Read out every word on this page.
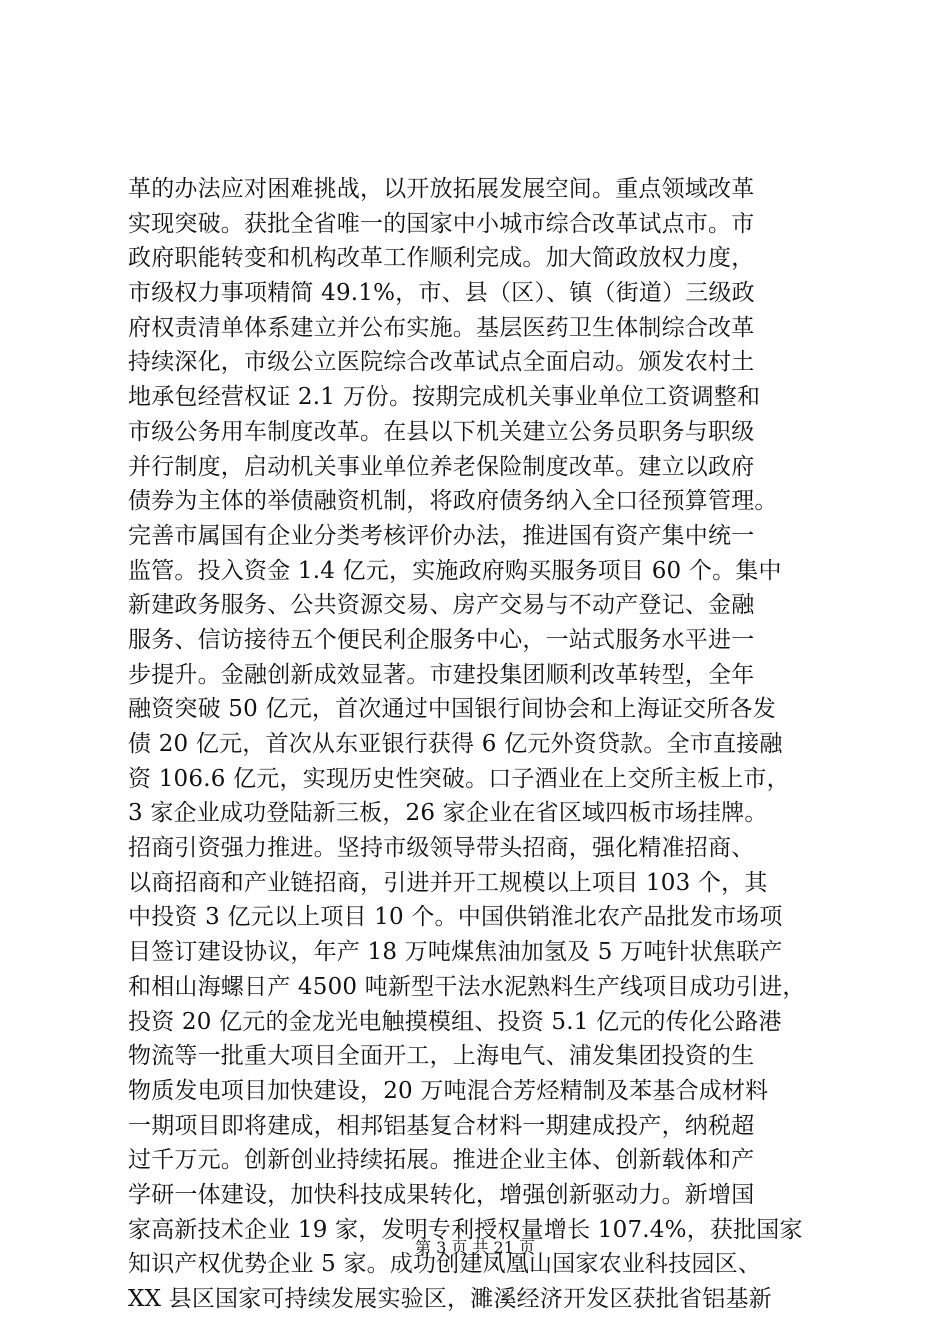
革的办法应对困难挑战，以开放拓展发展空间。重点领域改革
实现突破。获批全省唯一的国家中小城市综合改革试点市。市
政府职能转变和机构改革工作顺利完成。加大简政放权力度，
市级权力事项精简 49.1%，市、县（区）、镇（街道）三级政
府权责清单体系建立并公布实施。基层医药卫生体制综合改革
持续深化，市级公立医院综合改革试点全面启动。颁发农村土
地承包经营权证 2.1 万份。按期完成机关事业单位工资调整和
市级公务用车制度改革。在县以下机关建立公务员职务与职级
并行制度，启动机关事业单位养老保险制度改革。建立以政府
债券为主体的举债融资机制，将政府债务纳入全口径预算管理。
完善市属国有企业分类考核评价办法，推进国有资产集中统一
监管。投入资金 1.4 亿元，实施政府购买服务项目 60 个。集中
新建政务服务、公共资源交易、房产交易与不动产登记、金融
服务、信访接待五个便民利企服务中心，一站式服务水平进一
步提升。金融创新成效显著。市建投集团顺利改革转型，全年
融资突破 50 亿元，首次通过中国银行间协会和上海证交所各发
债 20 亿元，首次从东亚银行获得 6 亿元外资贷款。全市直接融
资 106.6 亿元，实现历史性突破。口子酒业在上交所主板上市，
3 家企业成功登陆新三板，26 家企业在省区域四板市场挂牌。
招商引资强力推进。坚持市级领导带头招商，强化精准招商、
以商招商和产业链招商，引进并开工规模以上项目 103 个，其
中投资 3 亿元以上项目 10 个。中国供销淮北农产品批发市场项
目签订建设协议，年产 18 万吨煤焦油加氢及 5 万吨针状焦联产
和相山海螺日产 4500 吨新型干法水泥熟料生产线项目成功引进，
投资 20 亿元的金龙光电触摸模组、投资 5.1 亿元的传化公路港
物流等一批重大项目全面开工，上海电气、浦发集团投资的生
物质发电项目加快建设，20 万吨混合芳烃精制及苯基合成材料
一期项目即将建成，相邦铝基复合材料一期建成投产，纳税超
过千万元。创新创业持续拓展。推进企业主体、创新载体和产
学研一体建设，加快科技成果转化，增强创新驱动力。新增国
家高新技术企业 19 家，发明专利授权量增长 107.4%，获批国家
知识产权优势企业 5 家。成功创建凤凰山国家农业科技园区、
XX 县区国家可持续发展实验区，濉溪经济开发区获批省铝基新
第 3 页 共 21 页
